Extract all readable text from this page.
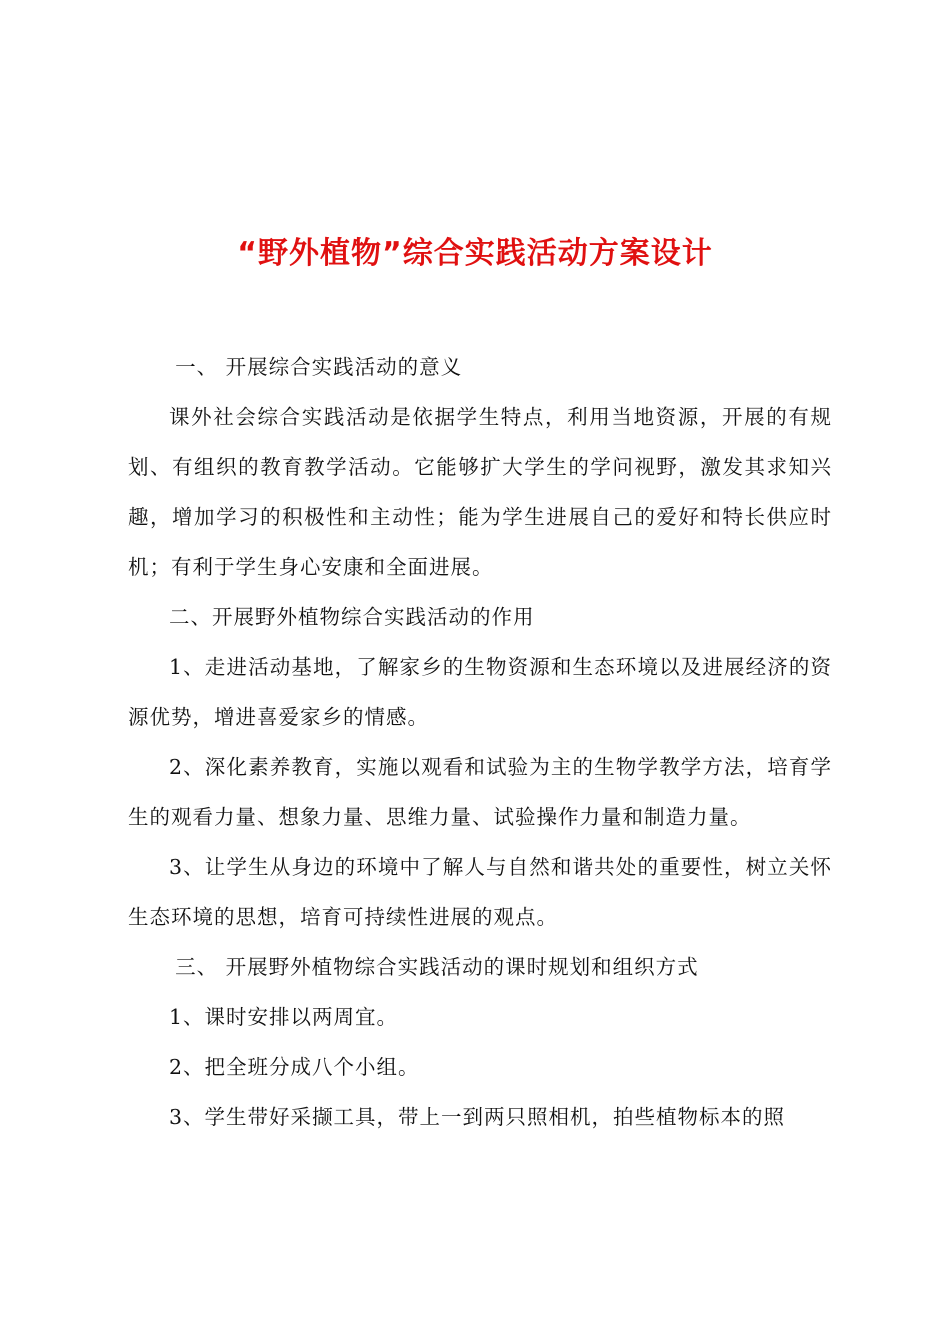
“野外植物”综合实践活动方案设计

一、 开展综合实践活动的意义

课外社会综合实践活动是依据学生特点，利用当地资源，开展的有规划、有组织的教育教学活动。它能够扩大学生的学问视野，激发其求知兴趣，增加学习的积极性和主动性；能为学生进展自己的爱好和特长供应时机；有利于学生身心安康和全面进展。

二、开展野外植物综合实践活动的作用

1、走进活动基地，了解家乡的生物资源和生态环境以及进展经济的资源优势，增进喜爱家乡的情感。

2、深化素养教育，实施以观看和试验为主的生物学教学方法，培育学生的观看力量、想象力量、思维力量、试验操作力量和制造力量。

3、让学生从身边的环境中了解人与自然和谐共处的重要性，树立关怀生态环境的思想，培育可持续性进展的观点。

三、 开展野外植物综合实践活动的课时规划和组织方式

1、课时安排以两周宜。

2、把全班分成八个小组。

3、学生带好采撷工具，带上一到两只照相机，拍些植物标本的照
